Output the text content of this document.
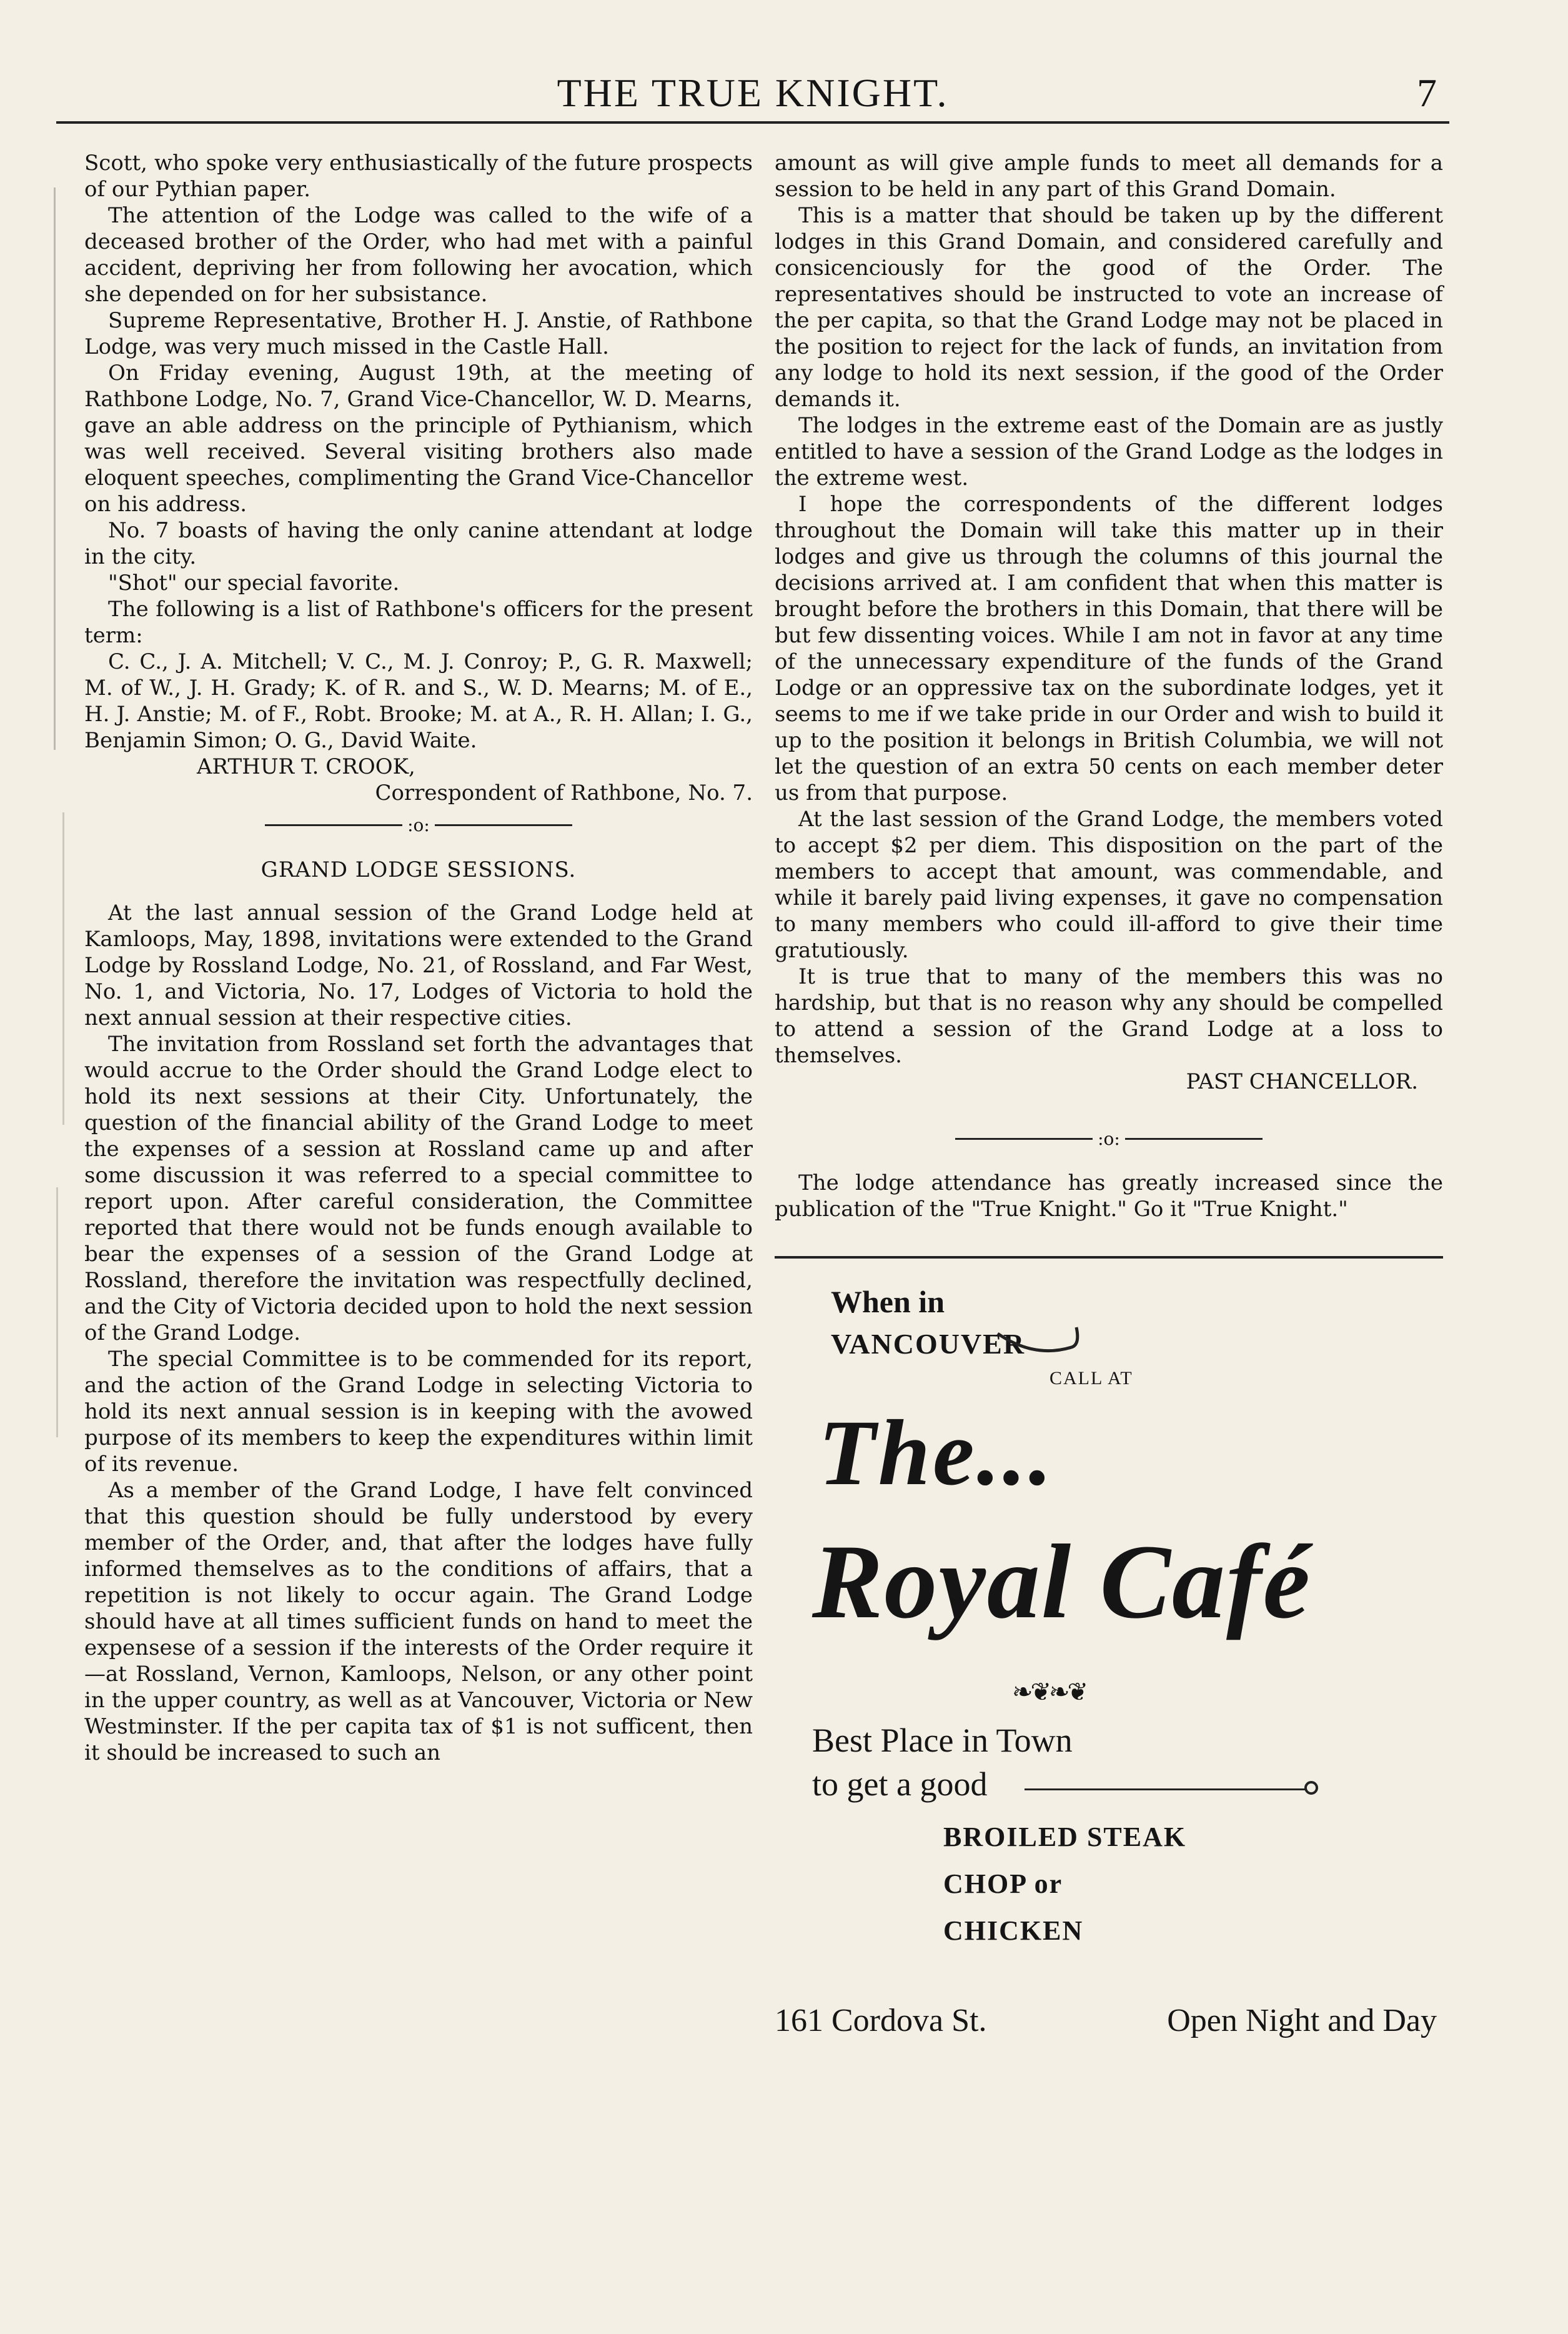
THE TRUE KNIGHT.	7

Scott, who spoke very enthusiastically of the future prospects of our Pythian paper.

The attention of the Lodge was called to the wife of a deceased brother of the Order, who had met with a painful accident, depriving her from following her avocation, which she depended on for her subsistance.

Supreme Representative, Brother H. J. Anstie, of Rathbone Lodge, was very much missed in the Castle Hall.

On Friday evening, August 19th, at the meeting of Rathbone Lodge, No. 7, Grand Vice-Chancellor, W. D. Mearns, gave an able address on the principle of Pythianism, which was well received. Several visiting brothers also made eloquent speeches, complimenting the Grand Vice-Chancellor on his address.

No. 7 boasts of having the only canine attendant at lodge in the city.

"Shot" our special favorite.

The following is a list of Rathbone's officers for the present term:

C. C., J. A. Mitchell; V. C., M. J. Conroy; P., G. R. Maxwell; M. of W., J. H. Grady; K. of R. and S., W. D. Mearns; M. of E., H. J. Anstie; M. of F., Robt. Brooke; M. at A., R. H. Allan; I. G., Benjamin Simon; O. G., David Waite.

ARTHUR T. CROOK,
Correspondent of Rathbone, No. 7.
:o:
GRAND LODGE SESSIONS.

At the last annual session of the Grand Lodge held at Kamloops, May, 1898, invitations were extended to the Grand Lodge by Rossland Lodge, No. 21, of Rossland, and Far West, No. 1, and Victoria, No. 17, Lodges of Victoria to hold the next annual session at their respective cities.

The invitation from Rossland set forth the advantages that would accrue to the Order should the Grand Lodge elect to hold its next sessions at their City. Unfortunately, the question of the financial ability of the Grand Lodge to meet the expenses of a session at Rossland came up and after some discussion it was referred to a special committee to report upon. After careful consideration, the Committee reported that there would not be funds enough available to bear the expenses of a session of the Grand Lodge at Rossland, therefore the invitation was respectfully declined, and the City of Victoria decided upon to hold the next session of the Grand Lodge.

The special Committee is to be commended for its report, and the action of the Grand Lodge in selecting Victoria to hold its next annual session is in keeping with the avowed purpose of its members to keep the expenditures within limit of its revenue.

As a member of the Grand Lodge, I have felt convinced that this question should be fully understood by every member of the Order, and, that after the lodges have fully informed themselves as to the conditions of affairs, that a repetition is not likely to occur again. The Grand Lodge should have at all times sufficient funds on hand to meet the expensese of a session if the interests of the Order require it—at Rossland, Vernon, Kamloops, Nelson, or any other point in the upper country, as well as at Vancouver, Victoria or New Westminster. If the per capita tax of $1 is not sufficent, then it should be increased to such an

amount as will give ample funds to meet all demands for a session to be held in any part of this Grand Domain.

This is a matter that should be taken up by the different lodges in this Grand Domain, and considered carefully and consicenciously for the good of the Order. The representatives should be instructed to vote an increase of the per capita, so that the Grand Lodge may not be placed in the position to reject for the lack of funds, an invitation from any lodge to hold its next session, if the good of the Order demands it.

The lodges in the extreme east of the Domain are as justly entitled to have a session of the Grand Lodge as the lodges in the extreme west.

I hope the correspondents of the different lodges throughout the Domain will take this matter up in their lodges and give us through the columns of this journal the decisions arrived at. I am confident that when this matter is brought before the brothers in this Domain, that there will be but few dissenting voices. While I am not in favor at any time of the unnecessary expenditure of the funds of the Grand Lodge or an oppressive tax on the subordinate lodges, yet it seems to me if we take pride in our Order and wish to build it up to the position it belongs in British Columbia, we will not let the question of an extra 50 cents on each member deter us from that purpose.

At the last session of the Grand Lodge, the members voted to accept $2 per diem. This disposition on the part of the members to accept that amount, was commendable, and while it barely paid living expenses, it gave no compensation to many members who could ill-afford to give their time gratutiously.

It is true that to many of the members this was no hardship, but that is no reason why any should be compelled to attend a session of the Grand Lodge at a loss to themselves.

PAST CHANCELLOR.
:o:

The lodge attendance has greatly increased since the publication of the "True Knight." Go it "True Knight."

When in
VANCOUVER
CALL AT
The...
Royal Café
❧❦❧❦
Best Place in Town
to get a good
BROILED STEAK
CHOP or
CHICKEN
161 Cordova St.	Open Night and Day
